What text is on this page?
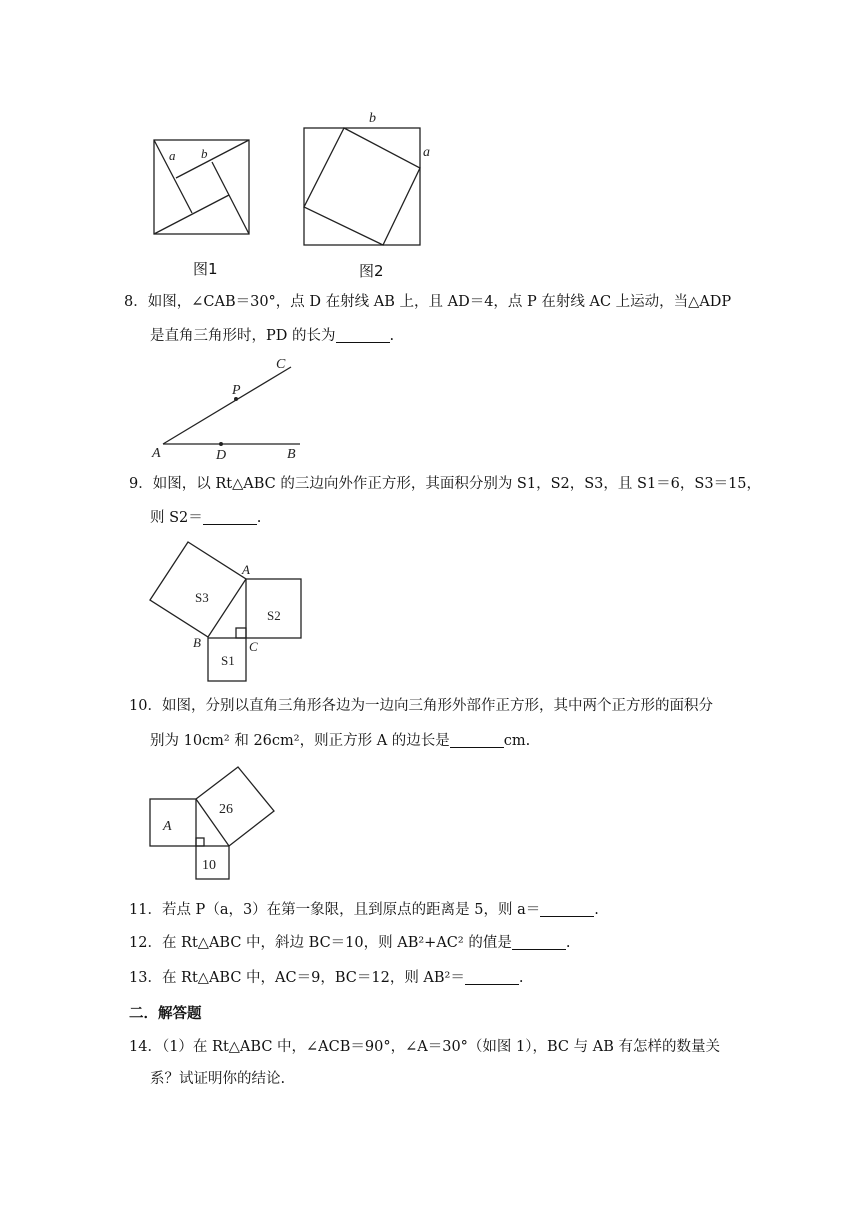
a b
b
a
图1	图2
8．如图，∠CAB＝30°，点 D 在射线 AB 上，且 AD＝4，点 P 在射线 AC 上运动，当△ADP
是直角三角形时，PD 的长为	.
A	B
C
D
P
9．如图，以 Rt△ABC 的三边向外作正方形，其面积分别为 S1，S2，S3，且 S1＝6，S3＝15，
则 S2＝	.
S3
S2
S1
A
B	C
10．如图，分别以直角三角形各边为一边向三角形外部作正方形，其中两个正方形的面积分
别为 10cm² 和 26cm²，则正方形 A 的边长是	cm.
A
26
10
11．若点 P（a，3）在第一象限，且到原点的距离是 5，则 a＝	.
12．在 Rt△ABC 中，斜边 BC＝10，则 AB²+AC² 的值是	.
13．在 Rt△ABC 中，AC＝9，BC＝12，则 AB²＝	.
二．解答题
14．（1）在 Rt△ABC 中，∠ACB＝90°，∠A＝30°（如图 1），BC 与 AB 有怎样的数量关
系？试证明你的结论.
